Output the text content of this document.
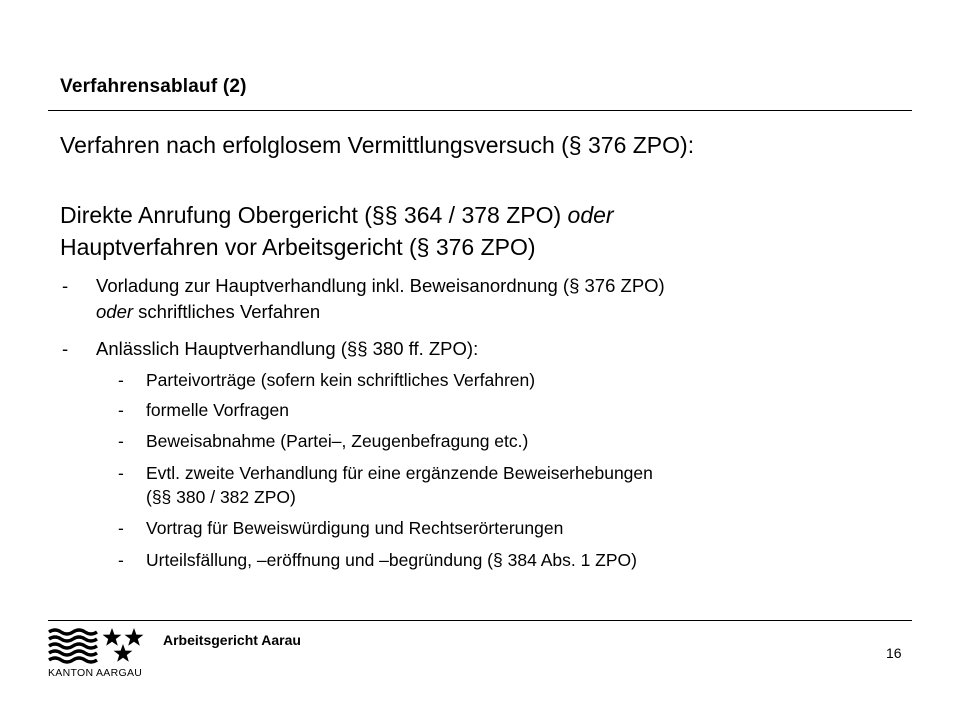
Verfahrensablauf (2)
Verfahren nach erfolglosem Vermittlungsversuch (§ 376 ZPO):
Direkte Anrufung Obergericht (§§ 364 / 378 ZPO) oder
Hauptverfahren vor Arbeitsgericht (§ 376 ZPO)
- Vorladung zur Hauptverhandlung inkl. Beweisanordnung (§ 376 ZPO)
oder schriftliches Verfahren
- Anlässlich Hauptverhandlung (§§ 380 ff. ZPO):
- Parteivorträge (sofern kein schriftliches Verfahren)
- formelle Vorfragen
- Beweisabnahme (Partei–, Zeugenbefragung etc.)
- Evtl. zweite Verhandlung für eine ergänzende Beweiserhebungen
(§§ 380 / 382 ZPO)
- Vortrag für Beweiswürdigung und Rechtserörterungen
- Urteilsfällung, –eröffnung und –begründung (§ 384 Abs. 1 ZPO)
KANTON AARGAU
Arbeitsgericht Aarau
16
